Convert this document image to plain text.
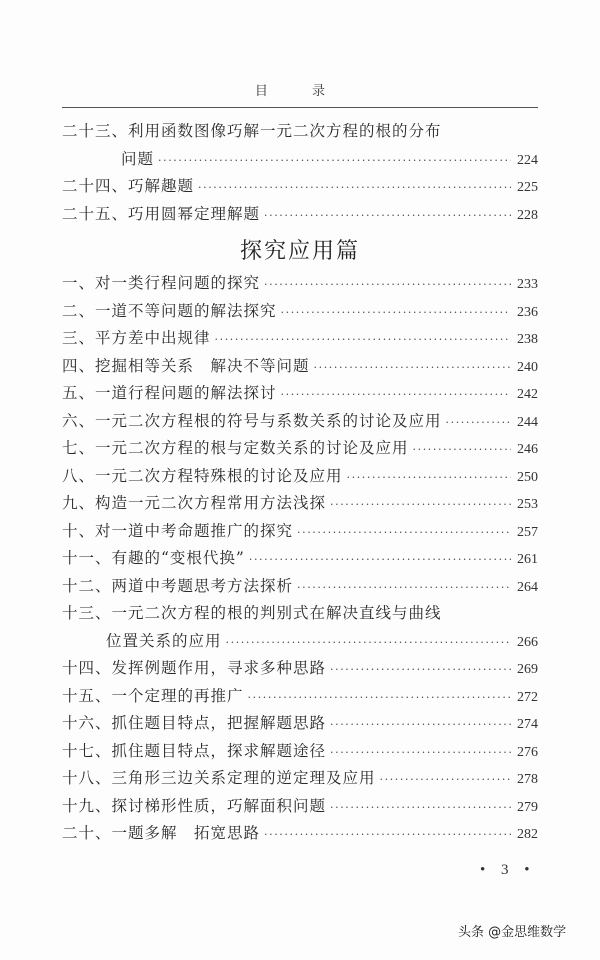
目 录
二十三、利用函数图像巧解一元二次方程的根的分布
问题 ·····	224
二十四、巧解趣题 ·····	225
二十五、巧用圆幂定理解题 ·····	228
探究应用篇
一、对一类行程问题的探究 ·····	233
二、一道不等问题的解法探究 ·····	236
三、平方差中出规律 ·····	238
四、挖掘相等关系　解决不等问题 ·····	240
五、一道行程问题的解法探讨 ·····	242
六、一元二次方程根的符号与系数关系的讨论及应用 ·····	244
七、一元二次方程的根与定数关系的讨论及应用 ·····	246
八、一元二次方程特殊根的讨论及应用 ·····	250
九、构造一元二次方程常用方法浅探 ·····	253
十、对一道中考命题推广的探究 ·····	257
十一、有趣的“变根代换” ·····	261
十二、两道中考题思考方法探析 ·····	264
十三、一元二次方程的根的判别式在解决直线与曲线
位置关系的应用 ·····	266
十四、发挥例题作用，寻求多种思路 ·····	269
十五、一个定理的再推广 ·····	272
十六、抓住题目特点，把握解题思路 ·····	274
十七、抓住题目特点，探求解题途径 ·····	276
十八、三角形三边关系定理的逆定理及应用 ·····	278
十九、探讨梯形性质，巧解面积问题 ·····	279
二十、一题多解　拓宽思路 ·····	282
• 3 •
头条 @金思维数学
